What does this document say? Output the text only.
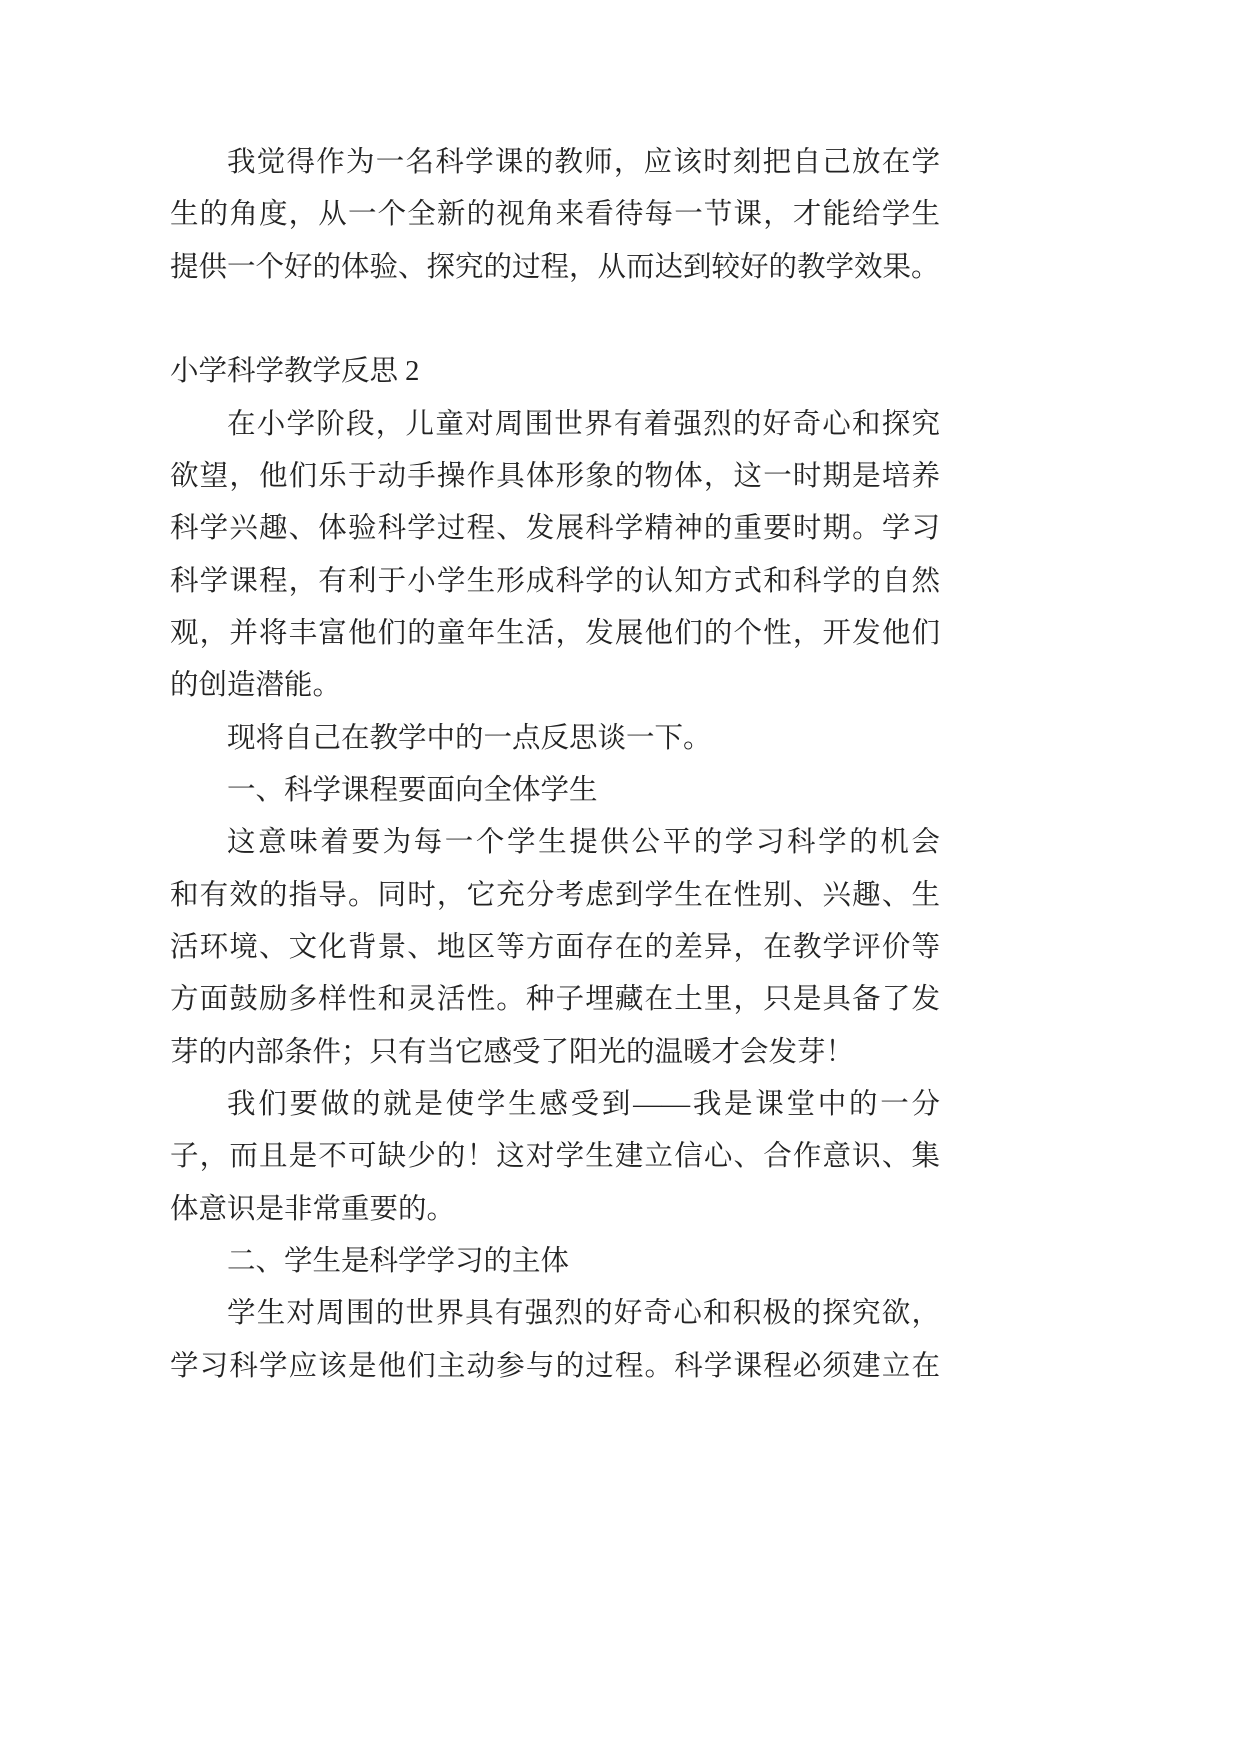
我觉得作为一名科学课的教师，应该时刻把自己放在学
生的角度，从一个全新的视角来看待每一节课，才能给学生
提供一个好的体验、探究的过程，从而达到较好的教学效果。
小学科学教学反思 2
在小学阶段，儿童对周围世界有着强烈的好奇心和探究
欲望，他们乐于动手操作具体形象的物体，这一时期是培养
科学兴趣、体验科学过程、发展科学精神的重要时期。学习
科学课程，有利于小学生形成科学的认知方式和科学的自然
观，并将丰富他们的童年生活，发展他们的个性，开发他们
的创造潜能。
现将自己在教学中的一点反思谈一下。
一、科学课程要面向全体学生
这意味着要为每一个学生提供公平的学习科学的机会
和有效的指导。同时，它充分考虑到学生在性别、兴趣、生
活环境、文化背景、地区等方面存在的差异，在教学评价等
方面鼓励多样性和灵活性。种子埋藏在土里，只是具备了发
芽的内部条件；只有当它感受了阳光的温暖才会发芽！
我们要做的就是使学生感受到——我是课堂中的一分
子，而且是不可缺少的！这对学生建立信心、合作意识、集
体意识是非常重要的。
二、学生是科学学习的主体
学生对周围的世界具有强烈的好奇心和积极的探究欲，
学习科学应该是他们主动参与的过程。科学课程必须建立在
